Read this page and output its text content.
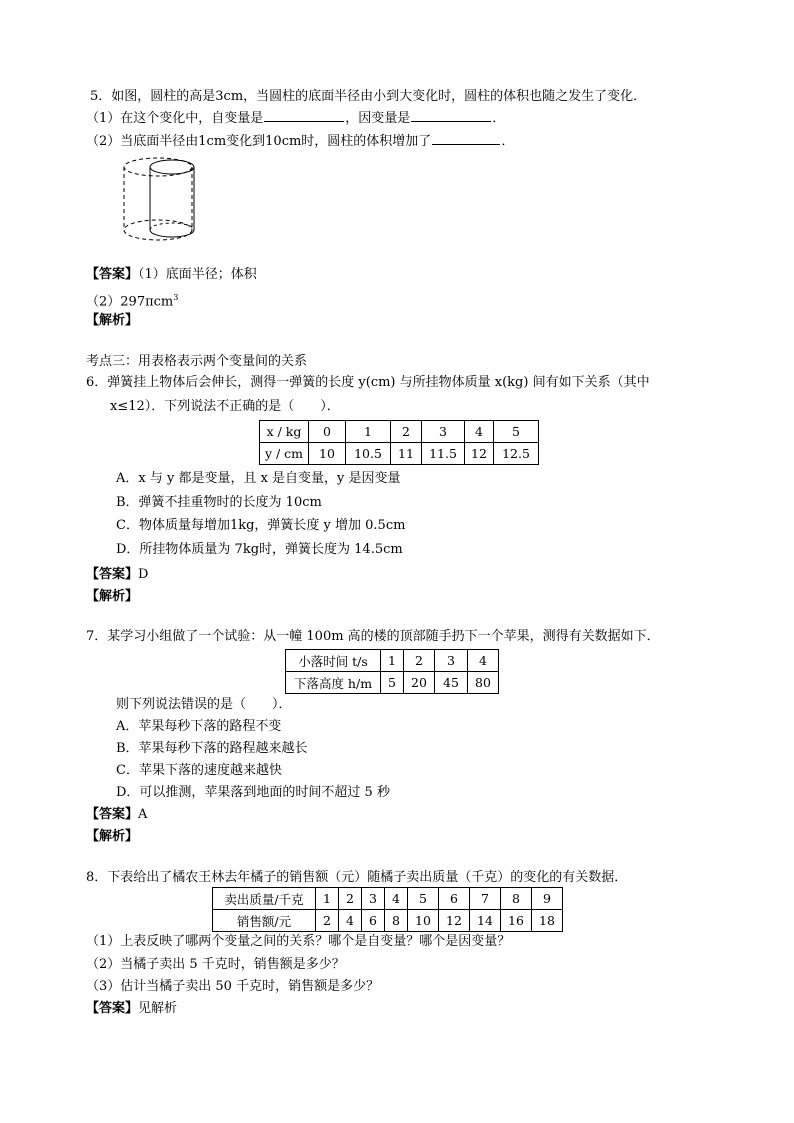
5．如图，圆柱的高是3cm，当圆柱的底面半径由小到大变化时，圆柱的体积也随之发生了变化．
（1）在这个变化中，自变量是	，因变量是	．
（2）当底面半径由1cm变化到10cm时，圆柱的体积增加了	．
【答案】（1）底面半径；体积
（2）297πcm$^3$
【解析】
考点三：用表格表示两个变量间的关系
6．弹簧挂上物体后会伸长，测得一弹簧的长度 y(cm) 与所挂物体质量 x(kg) 间有如下关系（其中
x≤12）．下列说法不正确的是（　　）．
x / kg	0	1	2	3	4	5
y / cm	10	10.5	11	11.5	12	12.5
A．x 与 y 都是变量，且 x 是自变量，y 是因变量
B．弹簧不挂重物时的长度为 10cm
C．物体质量每增加1kg，弹簧长度 y 增加 0.5cm
D．所挂物体质量为 7kg时，弹簧长度为 14.5cm
【答案】D
【解析】
7．某学习小组做了一个试验：从一幢 100m 高的楼的顶部随手扔下一个苹果，测得有关数据如下．
小落时间 t/s	1	2	3	4
下落高度 h/m	5	20	45	80
则下列说法错误的是（　　）．
A．苹果每秒下落的路程不变
B．苹果每秒下落的路程越来越长
C．苹果下落的速度越来越快
D．可以推测，苹果落到地面的时间不超过 5 秒
【答案】A
【解析】
8．下表给出了橘农王林去年橘子的销售额（元）随橘子卖出质量（千克）的变化的有关数据．
卖出质量/千克	1	2	3	4	5	6	7	8	9
销售额/元	2	4	6	8	10	12	14	16	18
（1）上表反映了哪两个变量之间的关系？哪个是自变量？哪个是因变量？
（2）当橘子卖出 5 千克时，销售额是多少？
（3）估计当橘子卖出 50 千克时，销售额是多少？
【答案】见解析
